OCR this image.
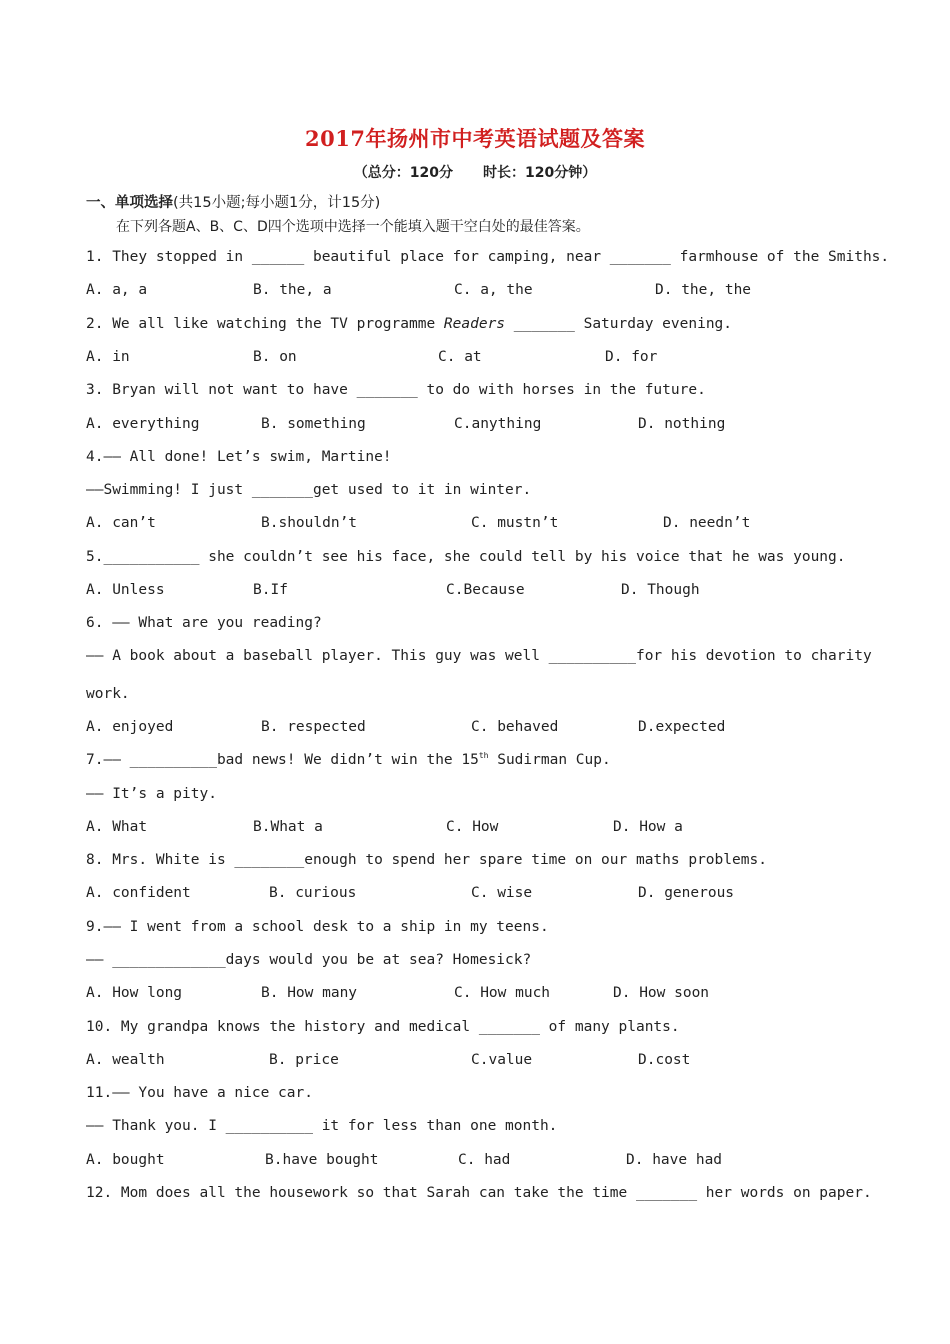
2017年扬州市中考英语试题及答案
（总分：120分 时长：120分钟）
一、单项选择(共15小题;每小题1分，计15分)
在下列各题A、B、C、D四个选项中选择一个能填入题干空白处的最佳答案。
1. They stopped in ______ beautiful place for camping, near _______ farmhouse of the Smiths.
A. a, a	B. the, a	C. a, the	D. the, the
2. We all like watching the TV programme Readers _______ Saturday evening.
A. in	B. on	C. at	D. for
3. Bryan will not want to have _______ to do with horses in the future.
A. everything	B. something	C.anything	D. nothing
4.—— All done! Let’s swim, Martine!
——Swimming! I just _______get used to it in winter.
A. can’t	B.shouldn’t	C. mustn’t	D. needn’t
5.___________ she couldn’t see his face, she could tell by his voice that he was young.
A. Unless	B.If	C.Because	D. Though
6. —— What are you reading?
—— A book about a baseball player. This guy was well __________for his devotion to charity
work.
A. enjoyed	B. respected	C. behaved	D.expected
7.—— __________bad news! We didn’t win the 15th Sudirman Cup.
—— It’s a pity.
A. What	B.What a	C. How	D. How a
8. Mrs. White is ________enough to spend her spare time on our maths problems.
A. confident	B. curious	C. wise	D. generous
9.—— I went from a school desk to a ship in my teens.
—— _____________days would you be at sea? Homesick?
A. How long	B. How many	C. How much	D. How soon
10. My grandpa knows the history and medical _______ of many plants.
A. wealth	B. price	C.value	D.cost
11.—— You have a nice car.
—— Thank you. I __________ it for less than one month.
A. bought	B.have bought	C. had	D. have had
12. Mom does all the housework so that Sarah can take the time _______ her words on paper.
